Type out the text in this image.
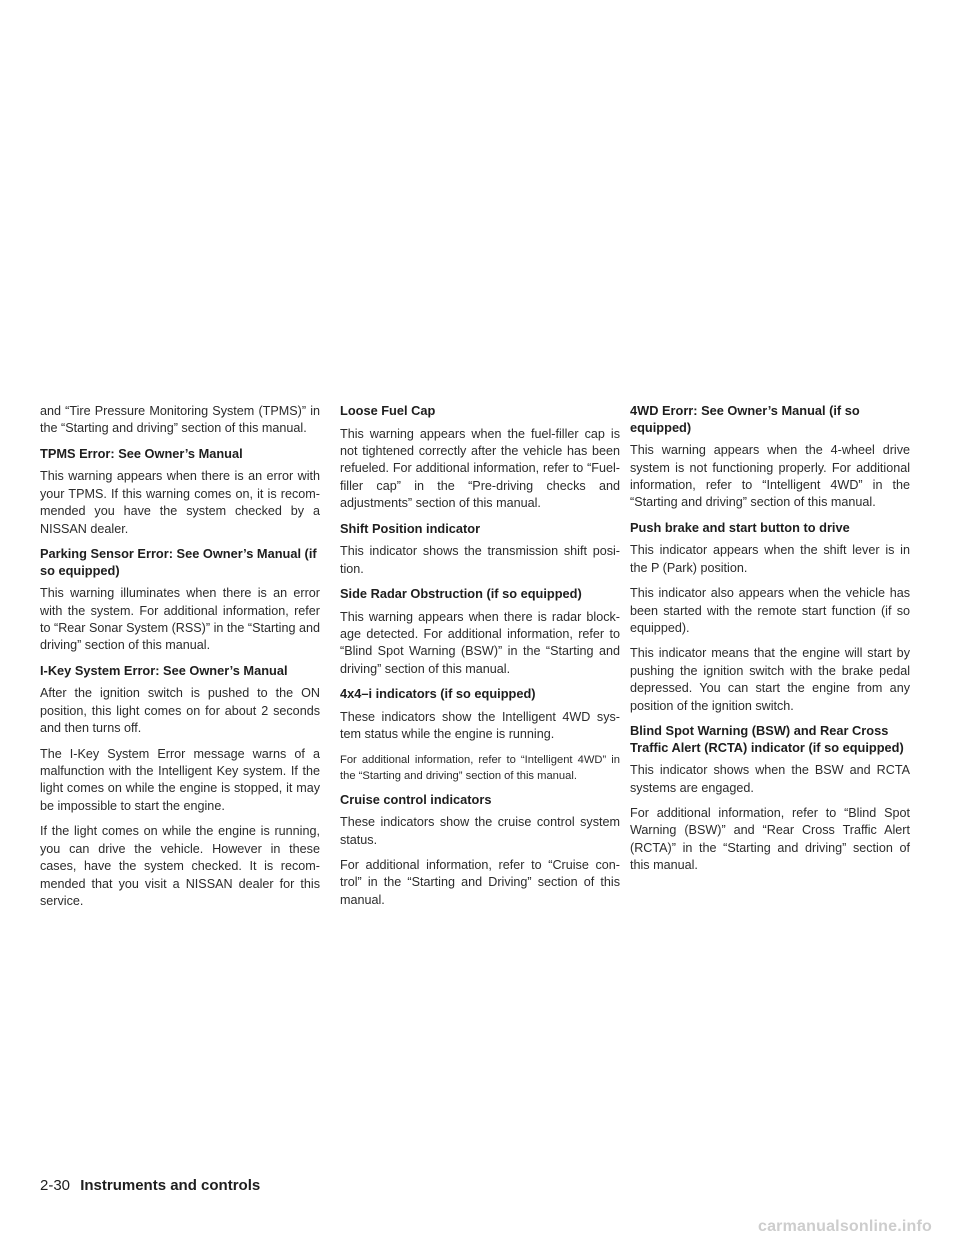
and “Tire Pressure Monitoring System (TPMS)” in the “Starting and driving” section of this manual.

TPMS Error: See Owner’s Manual

This warning appears when there is an error with your TPMS. If this warning comes on, it is recom-mended you have the system checked by a NISSAN dealer.

Parking Sensor Error: See Owner’s Manual (if so equipped)

This warning illuminates when there is an error with the system. For additional information, refer to “Rear Sonar System (RSS)” in the “Starting and driving” section of this manual.

I-Key System Error: See Owner’s Manual

After the ignition switch is pushed to the ON position, this light comes on for about 2 seconds and then turns off.

The I-Key System Error message warns of a malfunction with the Intelligent Key system. If the light comes on while the engine is stopped, it may be impossible to start the engine.

If the light comes on while the engine is running, you can drive the vehicle. However in these cases, have the system checked. It is recom-mended that you visit a NISSAN dealer for this service.

Loose Fuel Cap

This warning appears when the fuel-filler cap is not tightened correctly after the vehicle has been refueled. For additional information, refer to “Fuel-filler cap” in the “Pre-driving checks and adjustments” section of this manual.

Shift Position indicator

This indicator shows the transmission shift posi-tion.

Side Radar Obstruction (if so equipped)

This warning appears when there is radar block-age detected. For additional information, refer to “Blind Spot Warning (BSW)” in the “Starting and driving” section of this manual.

4x4–i indicators (if so equipped)

These indicators show the Intelligent 4WD sys-tem status while the engine is running.

For additional information, refer to “Intelligent 4WD” in the “Starting and driving” section of this manual.

Cruise control indicators

These indicators show the cruise control system status.

For additional information, refer to “Cruise con-trol” in the “Starting and Driving” section of this manual.

4WD Erorr: See Owner’s Manual (if so equipped)

This warning appears when the 4-wheel drive system is not functioning properly. For additional information, refer to “Intelligent 4WD” in the “Starting and driving” section of this manual.

Push brake and start button to drive

This indicator appears when the shift lever is in the P (Park) position.

This indicator also appears when the vehicle has been started with the remote start function (if so equipped).

This indicator means that the engine will start by pushing the ignition switch with the brake pedal depressed. You can start the engine from any position of the ignition switch.

Blind Spot Warning (BSW) and Rear Cross Traffic Alert (RCTA) indicator (if so equipped)

This indicator shows when the BSW and RCTA systems are engaged.

For additional information, refer to “Blind Spot Warning (BSW)” and “Rear Cross Traffic Alert (RCTA)” in the “Starting and driving” section of this manual.

2-30 Instruments and controls
carmanualsonline.info
